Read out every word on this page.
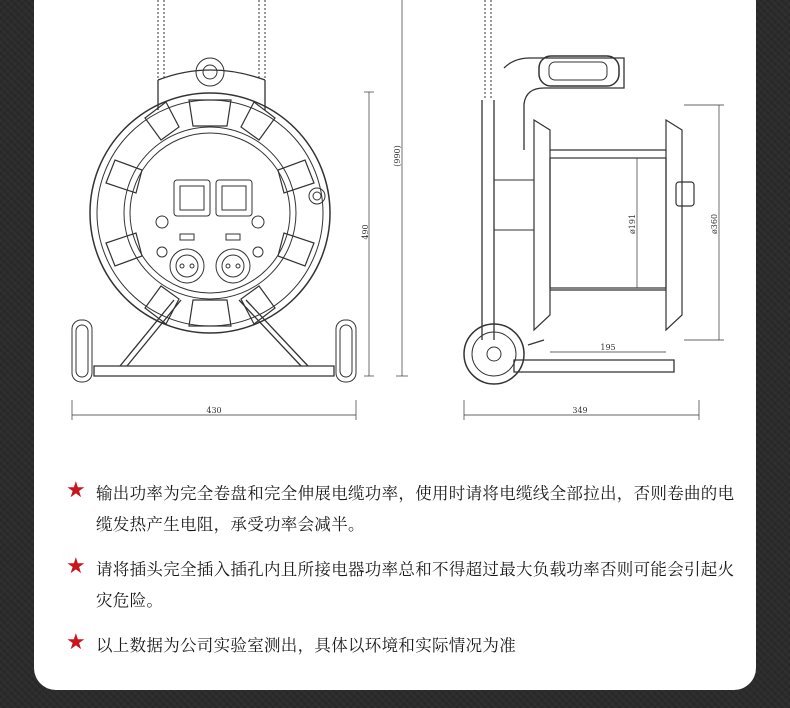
430
490
(990)
349
195
ø191	ø360
★ 输出功率为完全卷盘和完全伸展电缆功率，使用时请将电缆线全部拉出，否则卷曲的电缆发热产生电阻，承受功率会减半。
★ 请将插头完全插入插孔内且所接电器功率总和不得超过最大负载功率否则可能会引起火灾危险。
★ 以上数据为公司实验室测出，具体以环境和实际情况为准
